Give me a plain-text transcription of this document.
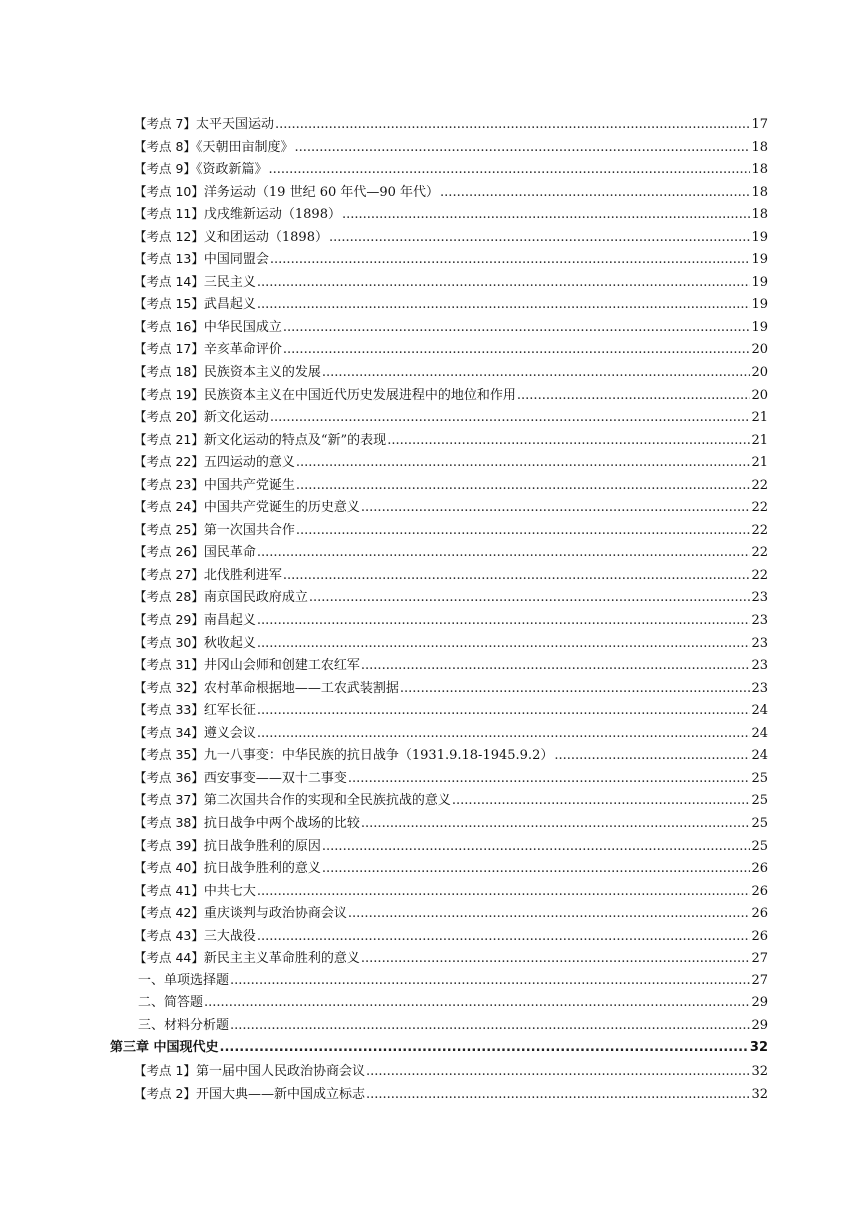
【考点 7】太平天国运动 .....	17
【考点 8】《天朝田亩制度》 .....	18
【考点 9】《资政新篇》 .....	18
【考点 10】洋务运动（19 世纪 60 年代—90 年代） .....	18
【考点 11】戊戌维新运动（1898） .....	18
【考点 12】义和团运动（1898） .....	19
【考点 13】中国同盟会 .....	19
【考点 14】三民主义 .....	19
【考点 15】武昌起义 .....	19
【考点 16】中华民国成立 .....	19
【考点 17】辛亥革命评价 .....	20
【考点 18】民族资本主义的发展 .....	20
【考点 19】民族资本主义在中国近代历史发展进程中的地位和作用 .....	20
【考点 20】新文化运动 .....	21
【考点 21】新文化运动的特点及“新”的表现 .....	21
【考点 22】五四运动的意义 .....	21
【考点 23】中国共产党诞生 .....	22
【考点 24】中国共产党诞生的历史意义 .....	22
【考点 25】第一次国共合作 .....	22
【考点 26】国民革命 .....	22
【考点 27】北伐胜利进军 .....	22
【考点 28】南京国民政府成立 .....	23
【考点 29】南昌起义 .....	23
【考点 30】秋收起义 .....	23
【考点 31】井冈山会师和创建工农红军 .....	23
【考点 32】农村革命根据地——工农武装割据 .....	23
【考点 33】红军长征 .....	24
【考点 34】遵义会议 .....	24
【考点 35】九一八事变：中华民族的抗日战争（1931.9.18-1945.9.2） .....	24
【考点 36】西安事变——双十二事变 .....	25
【考点 37】第二次国共合作的实现和全民族抗战的意义 .....	25
【考点 38】抗日战争中两个战场的比较 .....	25
【考点 39】抗日战争胜利的原因 .....	25
【考点 40】抗日战争胜利的意义 .....	26
【考点 41】中共七大 .....	26
【考点 42】重庆谈判与政治协商会议 .....	26
【考点 43】三大战役 .....	26
【考点 44】新民主主义革命胜利的意义 .....	27
一、单项选择题 .....	27
二、简答题 .....	29
三、材料分析题 .....	29
第三章 中国现代史 .....	32
【考点 1】第一届中国人民政治协商会议 .....	32
【考点 2】开国大典——新中国成立标志 .....	32
